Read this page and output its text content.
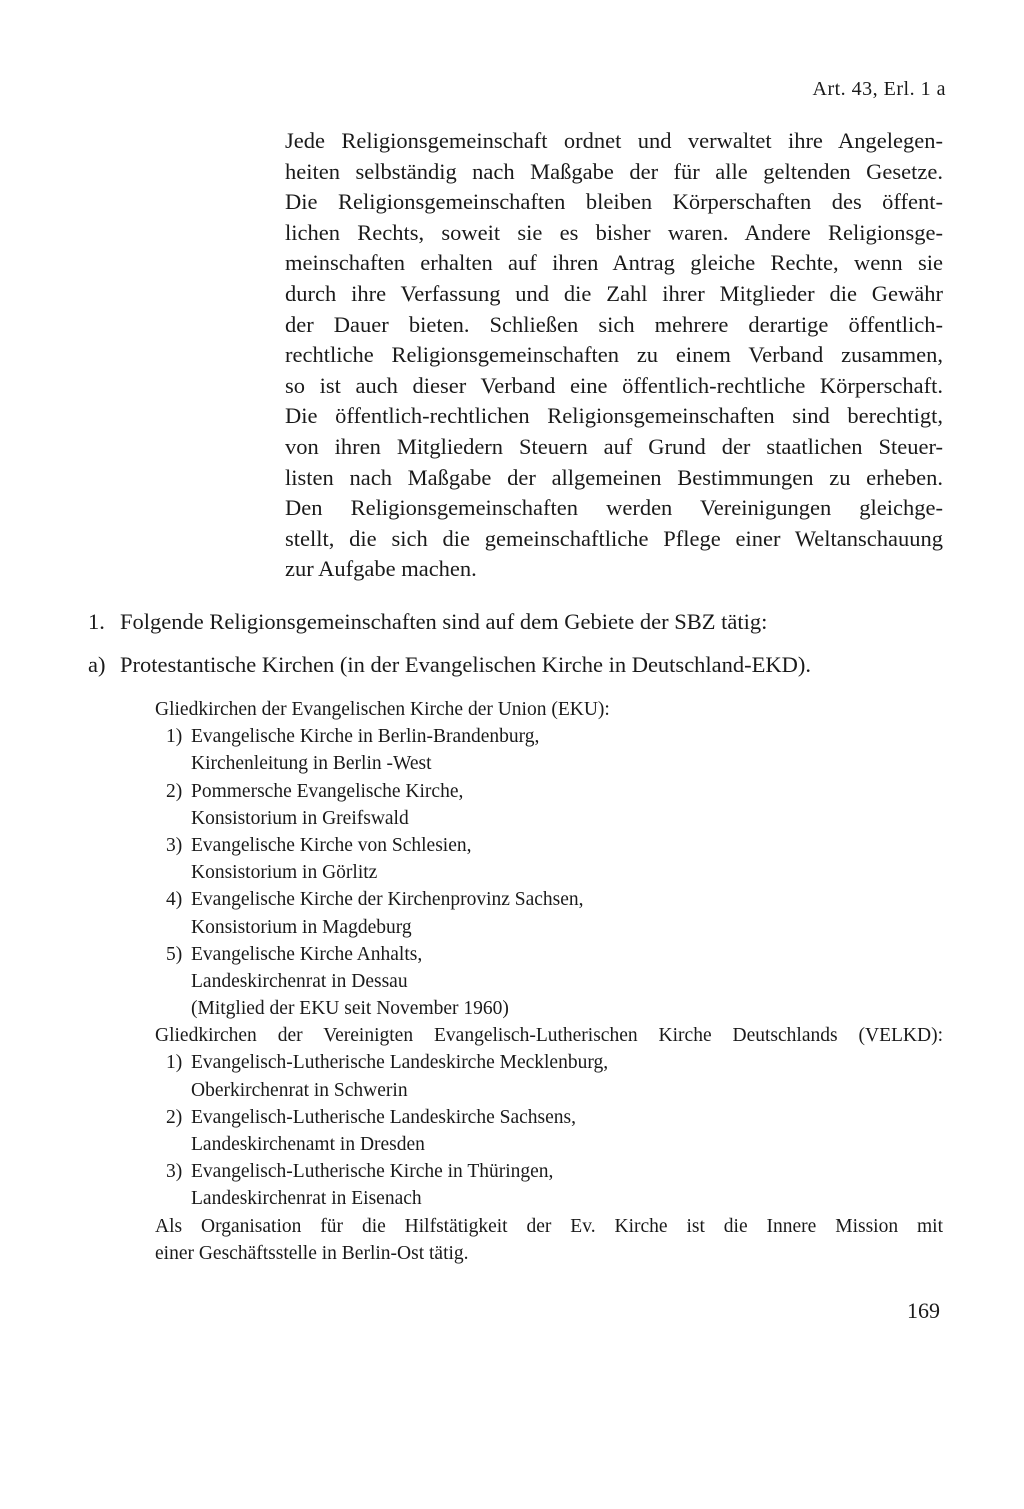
Art. 43, Erl. 1 a
Jede Religionsgemeinschaft ordnet und verwaltet ihre Angelegen-
heiten selbständig nach Maßgabe der für alle geltenden Gesetze.
Die Religionsgemeinschaften bleiben Körperschaften des öffent-
lichen Rechts, soweit sie es bisher waren. Andere Religionsge-
meinschaften erhalten auf ihren Antrag gleiche Rechte, wenn sie
durch ihre Verfassung und die Zahl ihrer Mitglieder die Gewähr
der Dauer bieten. Schließen sich mehrere derartige öffentlich-
rechtliche Religionsgemeinschaften zu einem Verband zusammen,
so ist auch dieser Verband eine öffentlich-rechtliche Körperschaft.
Die öffentlich-rechtlichen Religionsgemeinschaften sind berechtigt,
von ihren Mitgliedern Steuern auf Grund der staatlichen Steuer-
listen nach Maßgabe der allgemeinen Bestimmungen zu erheben.
Den Religionsgemeinschaften werden Vereinigungen gleichge-
stellt, die sich die gemeinschaftliche Pflege einer Weltanschauung
zur Aufgabe machen.
1. Folgende Religionsgemeinschaften sind auf dem Gebiete der SBZ tätig:
a) Protestantische Kirchen (in der Evangelischen Kirche in Deutschland-EKD).
Gliedkirchen der Evangelischen Kirche der Union (EKU):
1) Evangelische Kirche in Berlin-Brandenburg,
Kirchenleitung in Berlin -West
2) Pommersche Evangelische Kirche,
Konsistorium in Greifswald
3) Evangelische Kirche von Schlesien,
Konsistorium in Görlitz
4) Evangelische Kirche der Kirchenprovinz Sachsen,
Konsistorium in Magdeburg
5) Evangelische Kirche Anhalts,
Landeskirchenrat in Dessau
(Mitglied der EKU seit November 1960)
Gliedkirchen der Vereinigten Evangelisch-Lutherischen Kirche Deutschlands (VELKD):
1) Evangelisch-Lutherische Landeskirche Mecklenburg,
Oberkirchenrat in Schwerin
2) Evangelisch-Lutherische Landeskirche Sachsens,
Landeskirchenamt in Dresden
3) Evangelisch-Lutherische Kirche in Thüringen,
Landeskirchenrat in Eisenach
Als Organisation für die Hilfstätigkeit der Ev. Kirche ist die Innere Mission mit
einer Geschäftsstelle in Berlin-Ost tätig.
169
